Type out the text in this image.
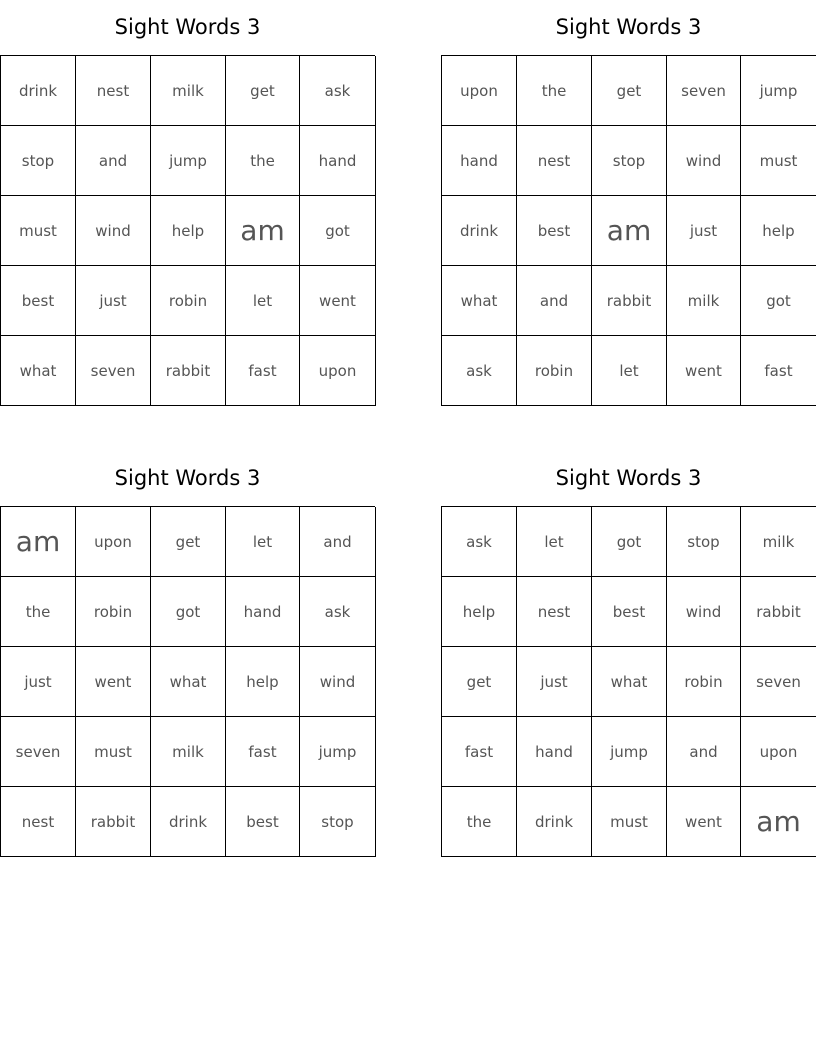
Sight Words 3
drink	nest	milk	get	ask
stop	and	jump	the	hand
must	wind	help	am	got
best	just	robin	let	went
what	seven	rabbit	fast	upon
Sight Words 3
upon	the	get	seven	jump
hand	nest	stop	wind	must
drink	best	am	just	help
what	and	rabbit	milk	got
ask	robin	let	went	fast
Sight Words 3
am	upon	get	let	and
the	robin	got	hand	ask
just	went	what	help	wind
seven	must	milk	fast	jump
nest	rabbit	drink	best	stop
Sight Words 3
ask	let	got	stop	milk
help	nest	best	wind	rabbit
get	just	what	robin	seven
fast	hand	jump	and	upon
the	drink	must	went	am
